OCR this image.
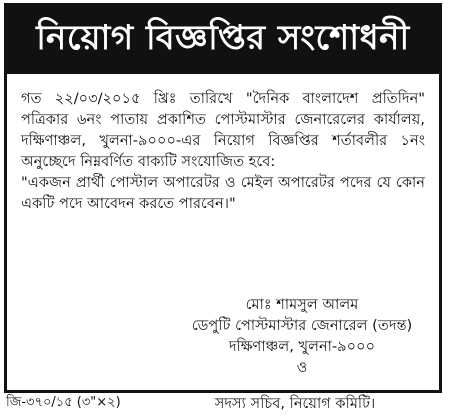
নিয়োগ বিজ্ঞপ্তির সংশোধনী

গত ২২/০৩/২০১৫ খ্রিঃ তারিখে "দৈনিক বাংলাদেশ প্রতিদিন" পত্রিকার ৬নং পাতায় প্রকাশিত পোস্টমাস্টার জেনারেলের কার্যালয়, দক্ষিণাঞ্চল, খুলনা-৯০০০-এর নিয়োগ বিজ্ঞপ্তির শর্তাবলীর ১নং অনুচ্ছেদে নিম্নবর্ণিত বাক্যটি সংযোজিত হবে:

"একজন প্রার্থী পোস্টাল অপারেটর ও মেইল অপারেটর পদের যে কোন একটি পদে আবেদন করতে পারবেন।"

মোঃ শামসুল আলম
ডেপুটি পোস্টমাস্টার জেনারেল (তদন্ত)
দক্ষিণাঞ্চল, খুলনা-৯০০০
ও
জি-৩৭০/১৫ (৩"×২)	সদস্য সচিব, নিয়োগ কমিটি।
